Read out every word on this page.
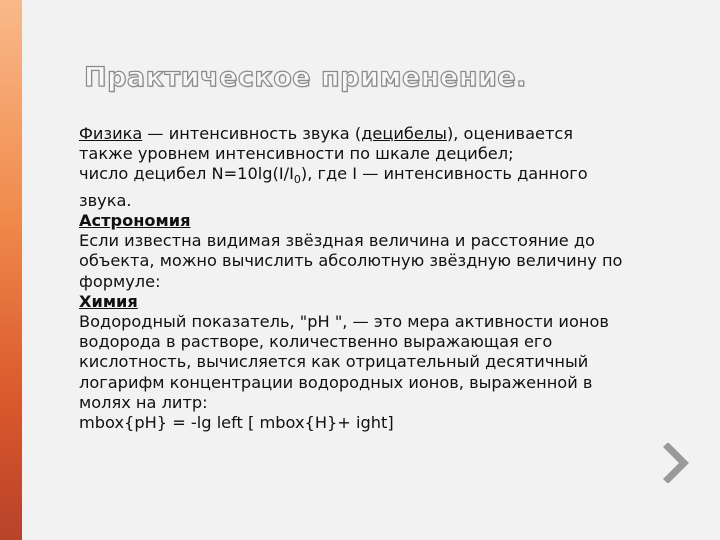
Практическое применение.

Физика — интенсивность звука (децибелы), оценивается
также уровнем интенсивности по шкале децибел;
число децибел $N=10\lg(I/I_0)$, где I — интенсивность данного
звука.

Астрономия

Если известна видимая звёздная величина и расстояние до объекта, можно вычислить абсолютную звёздную величину по формуле:

Химия

Водородный показатель, "pH ", — это мера активности ионов водорода в растворе, количественно выражающая его кислотность, вычисляется как отрицательный десятичный логарифм концентрации водородных ионов, выраженной в молях на литр:

mbox{pH} = -lg left [ mbox{H}+ ight]
